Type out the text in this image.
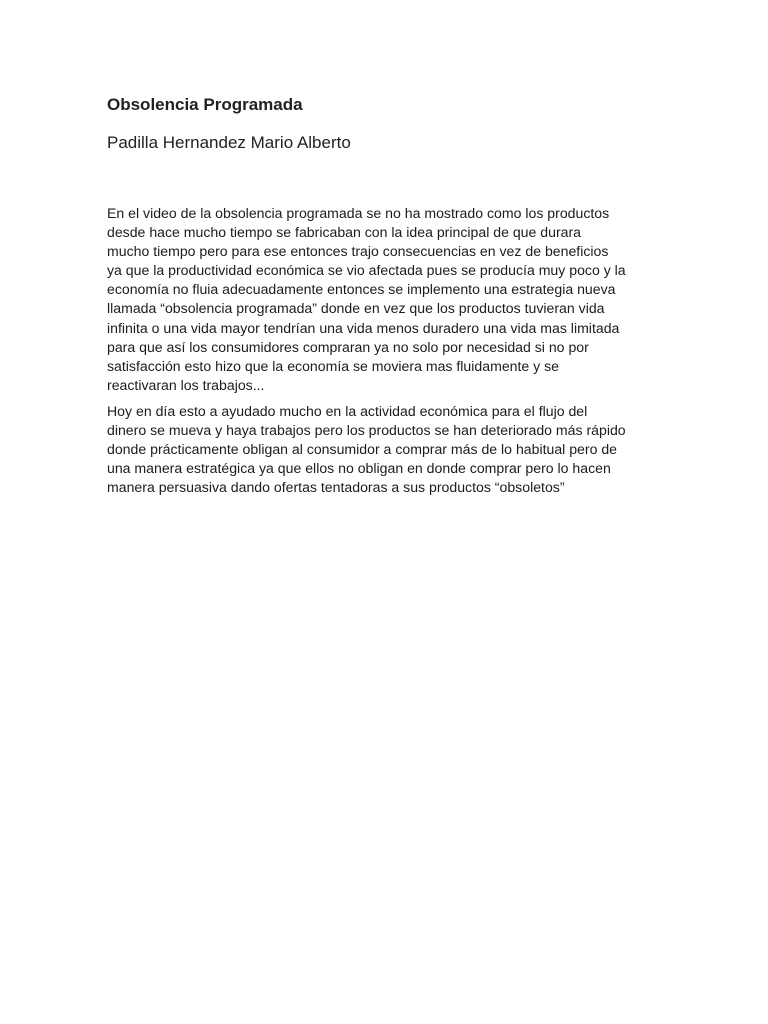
Obsolencia Programada

Padilla Hernandez Mario Alberto

En el video de la obsolencia programada se no ha mostrado como los productos
desde hace mucho tiempo se fabricaban con la idea principal de que durara
mucho tiempo pero para ese entonces trajo consecuencias en vez de beneficios
ya que la productividad económica se vio afectada pues se producía muy poco y la
economía no fluia adecuadamente entonces se implemento una estrategia nueva
llamada “obsolencia programada” donde en vez que los productos tuvieran vida
infinita o una vida mayor tendrían una vida menos duradero una vida mas limitada
para que así los consumidores compraran ya no solo por necesidad si no por
satisfacción esto hizo que la economía se moviera mas fluidamente y se
reactivaran los trabajos...

Hoy en día esto a ayudado mucho en la actividad económica para el flujo del
dinero se mueva y haya trabajos pero los productos se han deteriorado más rápido
donde prácticamente obligan al consumidor a comprar más de lo habitual pero de
una manera estratégica ya que ellos no obligan en donde comprar pero lo hacen
manera persuasiva dando ofertas tentadoras a sus productos “obsoletos”
